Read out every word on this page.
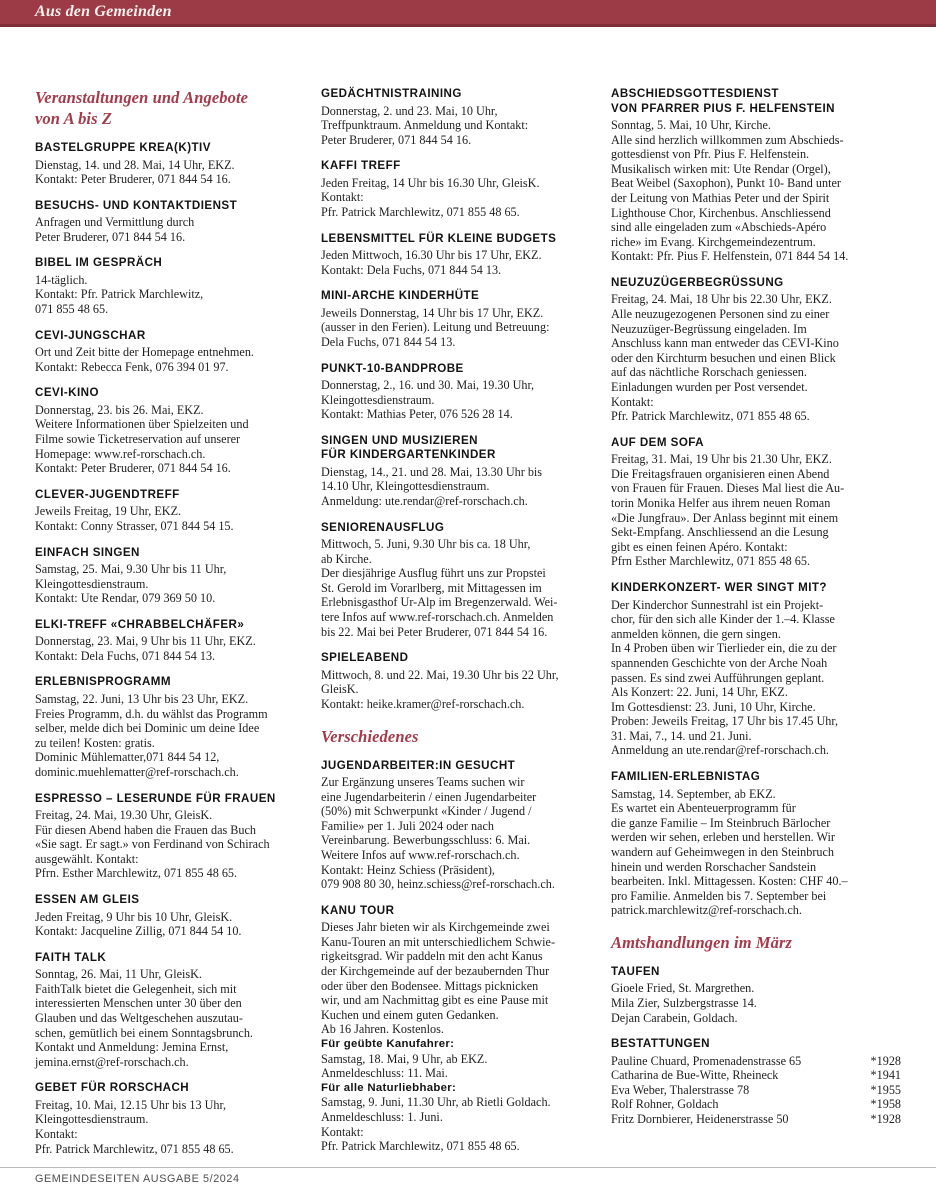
Aus den Gemeinden
Veranstaltungen und Angebote
von A bis Z
BASTELGRUPPE KREA(K)TIV

Dienstag, 14. und 28. Mai, 14 Uhr, EKZ.

Kontakt: Peter Bruderer, 071 844 54 16.

BESUCHS- UND KONTAKTDIENST

Anfragen und Vermittlung durch

Peter Bruderer, 071 844 54 16.

BIBEL IM GESPRÄCH

14-täglich.

Kontakt: Pfr. Patrick Marchlewitz,

071 855 48 65.

CEVI-JUNGSCHAR

Ort und Zeit bitte der Homepage entnehmen.

Kontakt: Rebecca Fenk, 076 394 01 97.

CEVI-KINO

Donnerstag, 23. bis 26. Mai, EKZ.

Weitere Informationen über Spielzeiten und

Filme sowie Ticketreservation auf unserer

Homepage: www.ref-rorschach.ch.

Kontakt: Peter Bruderer, 071 844 54 16.

CLEVER-JUGENDTREFF

Jeweils Freitag, 19 Uhr, EKZ.

Kontakt: Conny Strasser, 071 844 54 15.

EINFACH SINGEN

Samstag, 25. Mai, 9.30 Uhr bis 11 Uhr,

Kleingottesdienstraum.

Kontakt: Ute Rendar, 079 369 50 10.

ELKI-TREFF «CHRABBELCHÄFER»

Donnerstag, 23. Mai, 9 Uhr bis 11 Uhr, EKZ.

Kontakt: Dela Fuchs, 071 844 54 13.

ERLEBNISPROGRAMM

Samstag, 22. Juni, 13 Uhr bis 23 Uhr, EKZ.

Freies Programm, d.h. du wählst das Programm

selber, melde dich bei Dominic um deine Idee

zu teilen! Kosten: gratis.

Dominic Mühlematter,071 844 54 12,

dominic.muehlematter@ref-rorschach.ch.

ESPRESSO – LESERUNDE FÜR FRAUEN

Freitag, 24. Mai, 19.30 Uhr, GleisK.

Für diesen Abend haben die Frauen das Buch

«Sie sagt. Er sagt.» von Ferdinand von Schirach

ausgewählt. Kontakt:

Pfrn. Esther Marchlewitz, 071 855 48 65.

ESSEN AM GLEIS

Jeden Freitag, 9 Uhr bis 10 Uhr, GleisK.

Kontakt: Jacqueline Zillig, 071 844 54 10.

FAITH TALK

Sonntag, 26. Mai, 11 Uhr, GleisK.

FaithTalk bietet die Gelegenheit, sich mit

interessierten Menschen unter 30 über den

Glauben und das Weltgeschehen auszutau-

schen, gemütlich bei einem Sonntagsbrunch.

Kontakt und Anmeldung: Jemina Ernst,

jemina.ernst@ref-rorschach.ch.

GEBET FÜR RORSCHACH

Freitag, 10. Mai, 12.15 Uhr bis 13 Uhr,

Kleingottesdienstraum.

Kontakt:

Pfr. Patrick Marchlewitz, 071 855 48 65.

GEDÄCHTNISTRAINING

Donnerstag, 2. und 23. Mai, 10 Uhr,

Treffpunktraum. Anmeldung und Kontakt:

Peter Bruderer, 071 844 54 16.

KAFFI TREFF

Jeden Freitag, 14 Uhr bis 16.30 Uhr, GleisK.

Kontakt:

Pfr. Patrick Marchlewitz, 071 855 48 65.

LEBENSMITTEL FÜR KLEINE BUDGETS

Jeden Mittwoch, 16.30 Uhr bis 17 Uhr, EKZ.

Kontakt: Dela Fuchs, 071 844 54 13.

MINI-ARCHE KINDERHÜTE

Jeweils Donnerstag, 14 Uhr bis 17 Uhr, EKZ.

(ausser in den Ferien). Leitung und Betreuung:

Dela Fuchs, 071 844 54 13.

PUNKT-10-BANDPROBE

Donnerstag, 2., 16. und 30. Mai, 19.30 Uhr,

Kleingottesdienstraum.

Kontakt: Mathias Peter, 076 526 28 14.

SINGEN UND MUSIZIEREN
FÜR KINDERGARTENKINDER

Dienstag, 14., 21. und 28. Mai, 13.30 Uhr bis

14.10 Uhr, Kleingottesdienstraum.

Anmeldung: ute.rendar@ref-rorschach.ch.

SENIORENAUSFLUG

Mittwoch, 5. Juni, 9.30 Uhr bis ca. 18 Uhr,

ab Kirche.

Der diesjährige Ausflug führt uns zur Propstei

St. Gerold im Vorarlberg, mit Mittagessen im

Erlebnisgasthof Ur-Alp im Bregenzerwald. Wei-

tere Infos auf www.ref-rorschach.ch. Anmelden

bis 22. Mai bei Peter Bruderer, 071 844 54 16.

SPIELEABEND

Mittwoch, 8. und 22. Mai, 19.30 Uhr bis 22 Uhr,

GleisK.

Kontakt: heike.kramer@ref-rorschach.ch.

Verschiedenes
JUGENDARBEITER:IN GESUCHT

Zur Ergänzung unseres Teams suchen wir

eine Jugendarbeiterin / einen Jugendarbeiter

(50%) mit Schwerpunkt «Kinder / Jugend /

Familie» per 1. Juli 2024 oder nach

Vereinbarung. Bewerbungsschluss: 6. Mai.

Weitere Infos auf www.ref-rorschach.ch.

Kontakt: Heinz Schiess (Präsident),

079 908 80 30, heinz.schiess@ref-rorschach.ch.

KANU TOUR

Dieses Jahr bieten wir als Kirchgemeinde zwei

Kanu-Touren an mit unterschiedlichem Schwie-

rigkeitsgrad. Wir paddeln mit den acht Kanus

der Kirchgemeinde auf der bezaubernden Thur

oder über den Bodensee. Mittags picknicken

wir, und am Nachmittag gibt es eine Pause mit

Kuchen und einem guten Gedanken.

Ab 16 Jahren. Kostenlos.

Für geübte Kanufahrer:

Samstag, 18. Mai, 9 Uhr, ab EKZ.

Anmeldeschluss: 11. Mai.

Für alle Naturliebhaber:

Samstag, 9. Juni, 11.30 Uhr, ab Rietli Goldach.

Anmeldeschluss: 1. Juni.

Kontakt:

Pfr. Patrick Marchlewitz, 071 855 48 65.

ABSCHIEDSGOTTESDIENST
VON PFARRER PIUS F. HELFENSTEIN

Sonntag, 5. Mai, 10 Uhr, Kirche.

Alle sind herzlich willkommen zum Abschieds-

gottesdienst von Pfr. Pius F. Helfenstein.

Musikalisch wirken mit: Ute Rendar (Orgel),

Beat Weibel (Saxophon), Punkt 10- Band unter

der Leitung von Mathias Peter und der Spirit

Lighthouse Chor, Kirchenbus. Anschliessend

sind alle eingeladen zum «Abschieds-Apéro

riche» im Evang. Kirchgemeindezentrum.

Kontakt: Pfr. Pius F. Helfenstein, 071 844 54 14.

NEUZUZÜGERBEGRÜSSUNG

Freitag, 24. Mai, 18 Uhr bis 22.30 Uhr, EKZ.

Alle neuzugezogenen Personen sind zu einer

Neuzuzüger-Begrüssung eingeladen. Im

Anschluss kann man entweder das CEVI-Kino

oder den Kirchturm besuchen und einen Blick

auf das nächtliche Rorschach geniessen.

Einladungen wurden per Post versendet.

Kontakt:

Pfr. Patrick Marchlewitz, 071 855 48 65.

AUF DEM SOFA

Freitag, 31. Mai, 19 Uhr bis 21.30 Uhr, EKZ.

Die Freitagsfrauen organisieren einen Abend

von Frauen für Frauen. Dieses Mal liest die Au-

torin Monika Helfer aus ihrem neuen Roman

«Die Jungfrau». Der Anlass beginnt mit einem

Sekt-Empfang. Anschliessend an die Lesung

gibt es einen feinen Apéro. Kontakt:

Pfrn Esther Marchlewitz, 071 855 48 65.

KINDERKONZERT- WER SINGT MIT?

Der Kinderchor Sunnestrahl ist ein Projekt-

chor, für den sich alle Kinder der 1.–4. Klasse

anmelden können, die gern singen.

In 4 Proben üben wir Tierlieder ein, die zu der

spannenden Geschichte von der Arche Noah

passen. Es sind zwei Aufführungen geplant.

Als Konzert: 22. Juni, 14 Uhr, EKZ.

Im Gottesdienst: 23. Juni, 10 Uhr, Kirche.

Proben: Jeweils Freitag, 17 Uhr bis 17.45 Uhr,

31. Mai, 7., 14. und 21. Juni.

Anmeldung an ute.rendar@ref-rorschach.ch.

FAMILIEN-ERLEBNISTAG

Samstag, 14. September, ab EKZ.

Es wartet ein Abenteuerprogramm für

die ganze Familie – Im Steinbruch Bärlocher

werden wir sehen, erleben und herstellen. Wir

wandern auf Geheimwegen in den Steinbruch

hinein und werden Rorschacher Sandstein

bearbeiten. Inkl. Mittagessen. Kosten: CHF 40.–

pro Familie. Anmelden bis 7. September bei

patrick.marchlewitz@ref-rorschach.ch.

Amtshandlungen im März
TAUFEN

Gioele Fried, St. Margrethen.

Mila Zier, Sulzbergstrasse 14.

Dejan Carabein, Goldach.

BESTATTUNGEN

Pauline Chuard, Promenadenstrasse 65	*1928

Catharina de Bue-Witte, Rheineck	*1941

Eva Weber, Thalerstrasse 78	*1955

Rolf Rohner, Goldach	*1958

Fritz Dornbierer, Heidenerstrasse 50	*1928

GEMEINDESEITEN AUSGABE 5/2024
